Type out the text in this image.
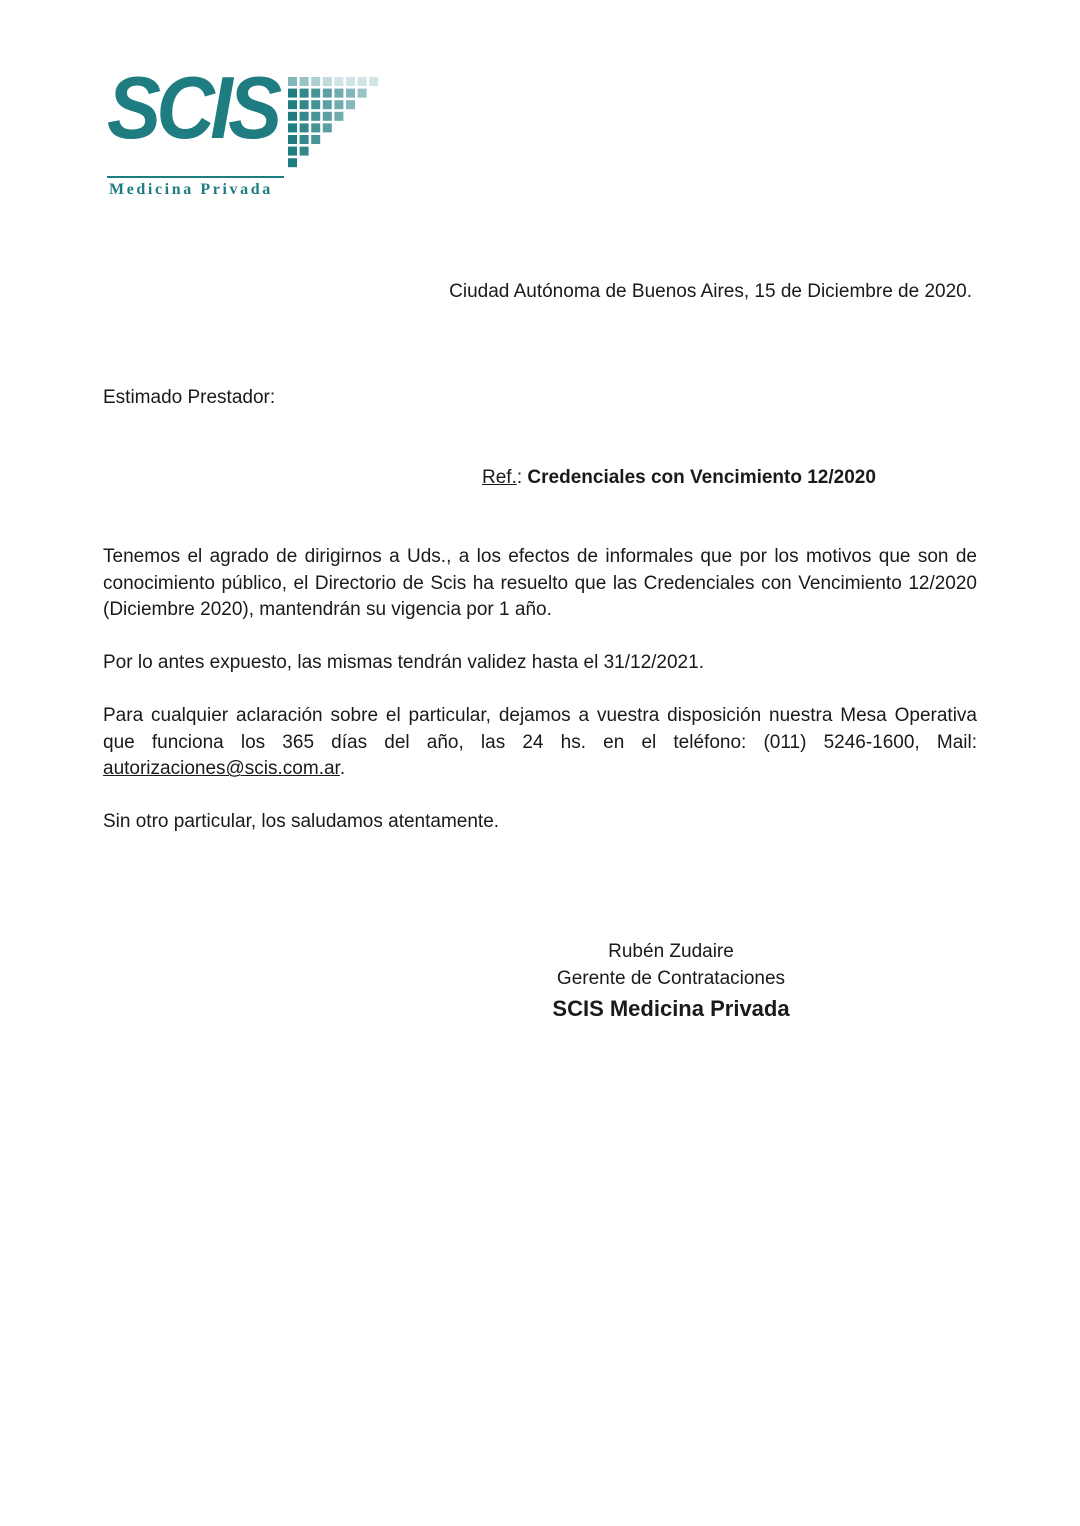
SCIS
Medicina Privada
Ciudad Autónoma de Buenos Aires, 15 de Diciembre de 2020.
Estimado Prestador:
Ref.: Credenciales con Vencimiento 12/2020
Tenemos el agrado de dirigirnos a Uds., a los efectos de informales que por los motivos que son de conocimiento público, el Directorio de Scis ha resuelto que las Credenciales con Vencimiento 12/2020 (Diciembre 2020), mantendrán su vigencia por 1 año.
Por lo antes expuesto, las mismas tendrán validez hasta el 31/12/2021.
Para cualquier aclaración sobre el particular, dejamos a vuestra disposición nuestra Mesa Operativa que funciona los 365 días del año, las 24 hs. en el teléfono: (011) 5246-1600, Mail: autorizaciones@scis.com.ar.
Sin otro particular, los saludamos atentamente.
Rubén Zudaire
Gerente de Contrataciones
SCIS Medicina Privada
